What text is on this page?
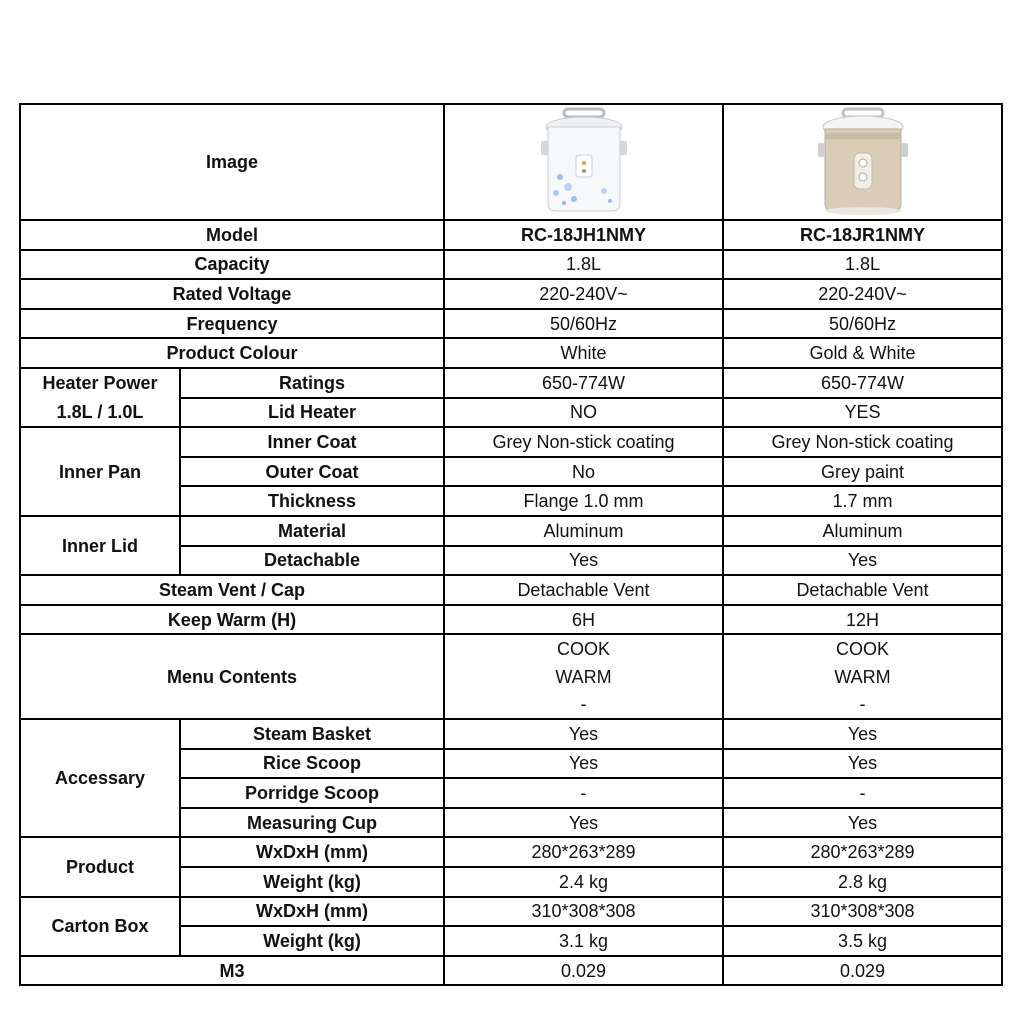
Image		
Model		RC-18JH1NMY	RC-18JR1NMY
Capacity		1.8L	1.8L
Rated Voltage		220-240V~	220-240V~
Frequency		50/60Hz	50/60Hz
Product Colour		White	Gold & White
Heater Power	Ratings	650-774W	650-774W
1.8L / 1.0L	Lid Heater	NO	YES
Inner Pan	Inner Coat	Grey Non-stick coating	Grey Non-stick coating
	Outer Coat	No	Grey paint
	Thickness	Flange 1.0 mm	1.7 mm
Inner Lid	Material	Aluminum	Aluminum
	Detachable	Yes	Yes
Steam Vent / Cap		Detachable Vent	Detachable Vent
Keep Warm (H)		6H	12H
Menu Contents		COOK	COOK
		WARM	WARM
		-	-
Accessary	Steam Basket	Yes	Yes
	Rice Scoop	Yes	Yes
	Porridge Scoop	-	-
	Measuring Cup	Yes	Yes
Product	WxDxH (mm)	280*263*289	280*263*289
	Weight (kg)	2.4 kg	2.8 kg
Carton Box	WxDxH (mm)	310*308*308	310*308*308
	Weight (kg)	3.1 kg	3.5 kg
M3		0.029	0.029
